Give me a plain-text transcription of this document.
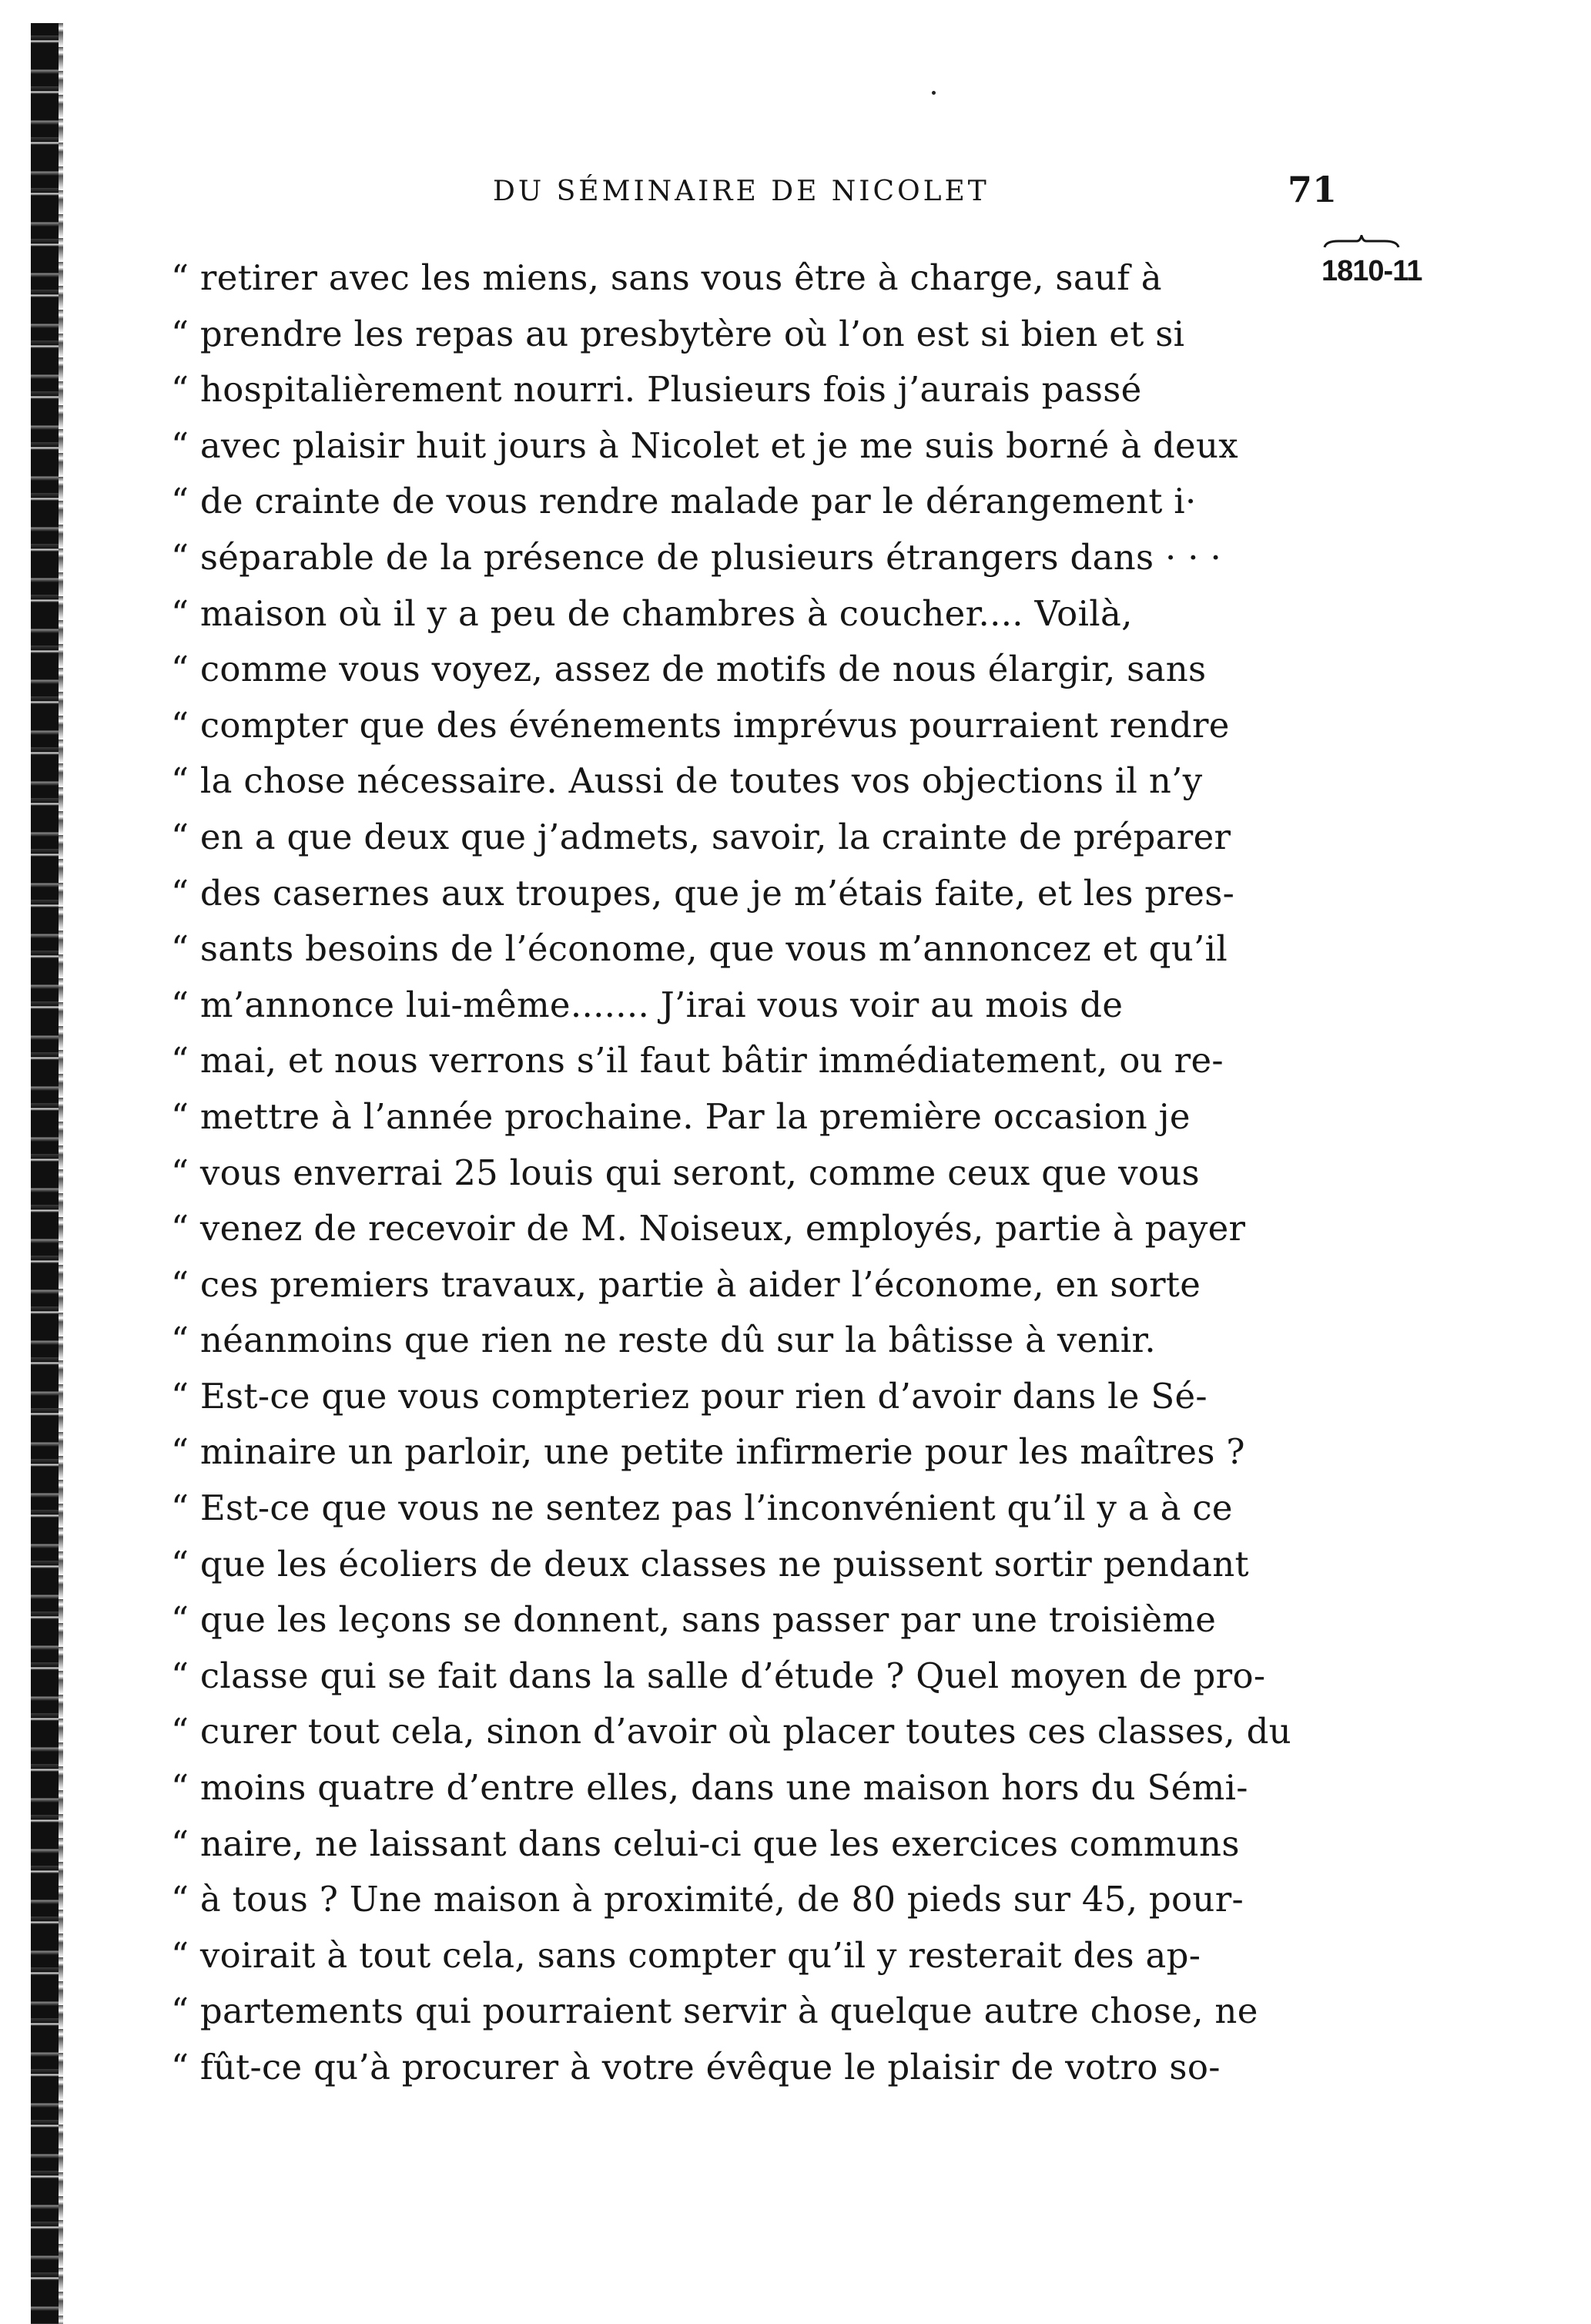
DU SÉMINAIRE DE NICOLET	71
1810-11
“ retirer avec les miens, sans vous être à charge, sauf à
“ prendre les repas au presbytère où l’on est si bien et si
“ hospitalièrement nourri. Plusieurs fois j’aurais passé
“ avec plaisir huit jours à Nicolet et je me suis borné à deux
“ de crainte de vous rendre malade par le dérangement i·
“ séparable de la présence de plusieurs étrangers dans · · ·
“ maison où il y a peu de chambres à coucher.... Voilà,
“ comme vous voyez, assez de motifs de nous élargir, sans
“ compter que des événements imprévus pourraient rendre
“ la chose nécessaire. Aussi de toutes vos objections il n’y
“ en a que deux que j’admets, savoir, la crainte de préparer
“ des casernes aux troupes, que je m’étais faite, et les pres-
“ sants besoins de l’économe, que vous m’annoncez et qu’il
“ m’annonce lui-même....... J’irai vous voir au mois de
“ mai, et nous verrons s’il faut bâtir immédiatement, ou re-
“ mettre à l’année prochaine. Par la première occasion je
“ vous enverrai 25 louis qui seront, comme ceux que vous
“ venez de recevoir de M. Noiseux, employés, partie à payer
“ ces premiers travaux, partie à aider l’économe, en sorte
“ néanmoins que rien ne reste dû sur la bâtisse à venir.
“ Est-ce que vous compteriez pour rien d’avoir dans le Sé-
“ minaire un parloir, une petite infirmerie pour les maîtres ?
“ Est-ce que vous ne sentez pas l’inconvénient qu’il y a à ce
“ que les écoliers de deux classes ne puissent sortir pendant
“ que les leçons se donnent, sans passer par une troisième
“ classe qui se fait dans la salle d’étude ? Quel moyen de pro-
“ curer tout cela, sinon d’avoir où placer toutes ces classes, du
“ moins quatre d’entre elles, dans une maison hors du Sémi-
“ naire, ne laissant dans celui-ci que les exercices communs
“ à tous ? Une maison à proximité, de 80 pieds sur 45, pour-
“ voirait à tout cela, sans compter qu’il y resterait des ap-
“ partements qui pourraient servir à quelque autre chose, ne
“ fût-ce qu’à procurer à votre évêque le plaisir de votro so-
